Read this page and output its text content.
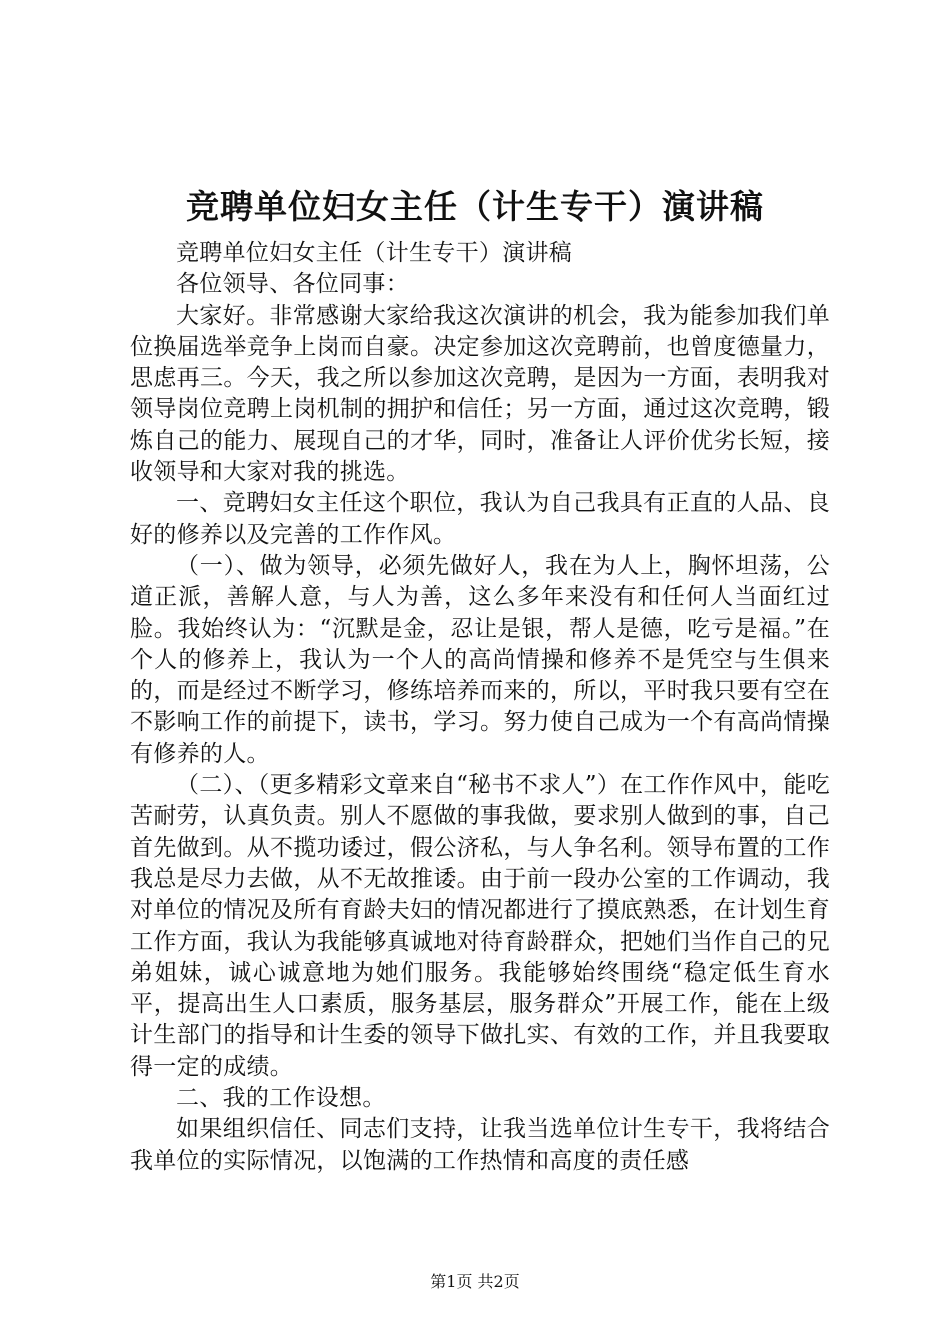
竞聘单位妇女主任（计生专干）演讲稿

竞聘单位妇女主任（计生专干）演讲稿

各位领导、各位同事：

大家好。非常感谢大家给我这次演讲的机会，我为能参加我们单位换届选举竞争上岗而自豪。决定参加这次竞聘前，也曾度德量力，思虑再三。今天，我之所以参加这次竞聘，是因为一方面，表明我对领导岗位竞聘上岗机制的拥护和信任；另一方面，通过这次竞聘，锻炼自己的能力、展现自己的才华，同时，准备让人评价优劣长短，接收领导和大家对我的挑选。

一、竞聘妇女主任这个职位，我认为自己我具有正直的人品、良好的修养以及完善的工作作风。

（一）、做为领导，必须先做好人，我在为人上，胸怀坦荡，公道正派，善解人意，与人为善，这么多年来没有和任何人当面红过脸。我始终认为：“沉默是金，忍让是银，帮人是德，吃亏是福。”在个人的修养上，我认为一个人的高尚情操和修养不是凭空与生俱来的，而是经过不断学习，修练培养而来的，所以，平时我只要有空在不影响工作的前提下，读书，学习。努力使自己成为一个有高尚情操有修养的人。

（二）、（更多精彩文章来自“秘书不求人”）在工作作风中，能吃苦耐劳，认真负责。别人不愿做的事我做，要求别人做到的事，自己首先做到。从不揽功诿过，假公济私，与人争名利。领导布置的工作我总是尽力去做，从不无故推诿。由于前一段办公室的工作调动，我对单位的情况及所有育龄夫妇的情况都进行了摸底熟悉，在计划生育工作方面，我认为我能够真诚地对待育龄群众，把她们当作自己的兄弟姐妹，诚心诚意地为她们服务。我能够始终围绕“稳定低生育水平，提高出生人口素质，服务基层，服务群众”开展工作，能在上级计生部门的指导和计生委的领导下做扎实、有效的工作，并且我要取得一定的成绩。

二、我的工作设想。

如果组织信任、同志们支持，让我当选单位计生专干，我将结合我单位的实际情况，以饱满的工作热情和高度的责任感

第1页 共2页
